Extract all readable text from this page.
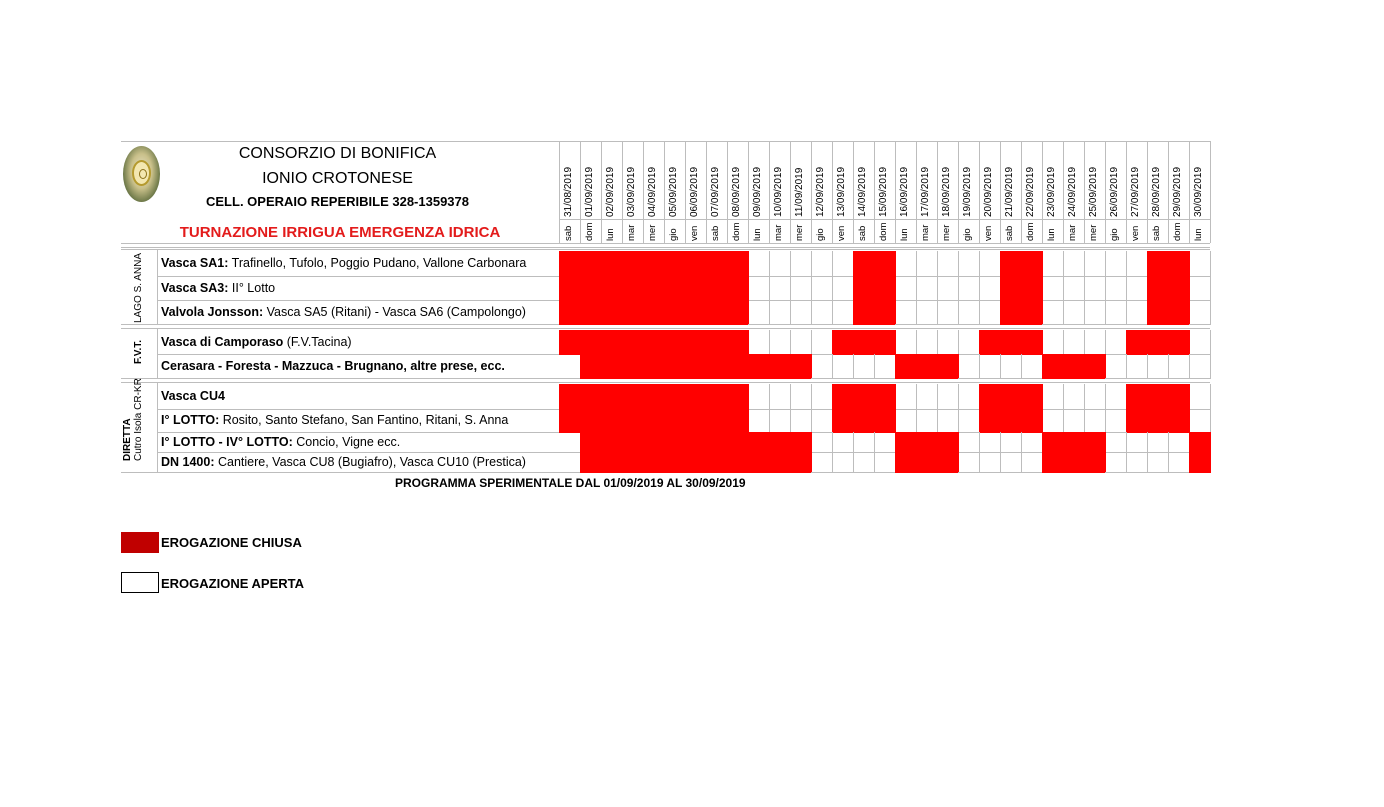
CONSORZIO DI BONIFICA
IONIO CROTONESE
CELL. OPERAIO REPERIBILE 328-1359378
TURNAZIONE IRRIGUA EMERGENZA IDRICA
31/08/2019 01/09/2019 02/09/2019 03/09/2019 04/09/2019 05/09/2019 06/09/2019 07/09/2019 08/09/2019 09/09/2019 10/09/2019 11/09/2019 12/09/2019 13/09/2019 14/09/2019 15/09/2019 16/09/2019 17/09/2019 18/09/2019 19/09/2019 20/09/2019 21/09/2019 22/09/2019 23/09/2019 24/09/2019 25/09/2019 26/09/2019 27/09/2019 28/09/2019 29/09/2019 30/09/2019
sab dom lun mar mer gio ven sab dom lun mar mer gio ven sab dom lun mar mer gio ven sab dom lun mar mer gio ven sab dom lun
LAGO S. ANNA Vasca SA1: Trafinello, Tufolo, Poggio Pudano, Vallone Carbonara
Vasca SA3: II° Lotto
Valvola Jonsson: Vasca SA5 (Ritani) - Vasca SA6 (Campolongo)
F.V.T. Vasca di Camporaso (F.V.Tacina)
Cerasara - Foresta - Mazzuca - Brugnano, altre prese, ecc.
DIRETTA Cutro Isola CR-KR Vasca CU4
I° LOTTO: Rosito, Santo Stefano, San Fantino, Ritani, S. Anna
I° LOTTO - IV° LOTTO: Concio, Vigne ecc.
DN 1400: Cantiere, Vasca CU8 (Bugiafro), Vasca CU10 (Prestica)
PROGRAMMA SPERIMENTALE DAL 01/09/2019 AL 30/09/2019
EROGAZIONE CHIUSA
EROGAZIONE APERTA
